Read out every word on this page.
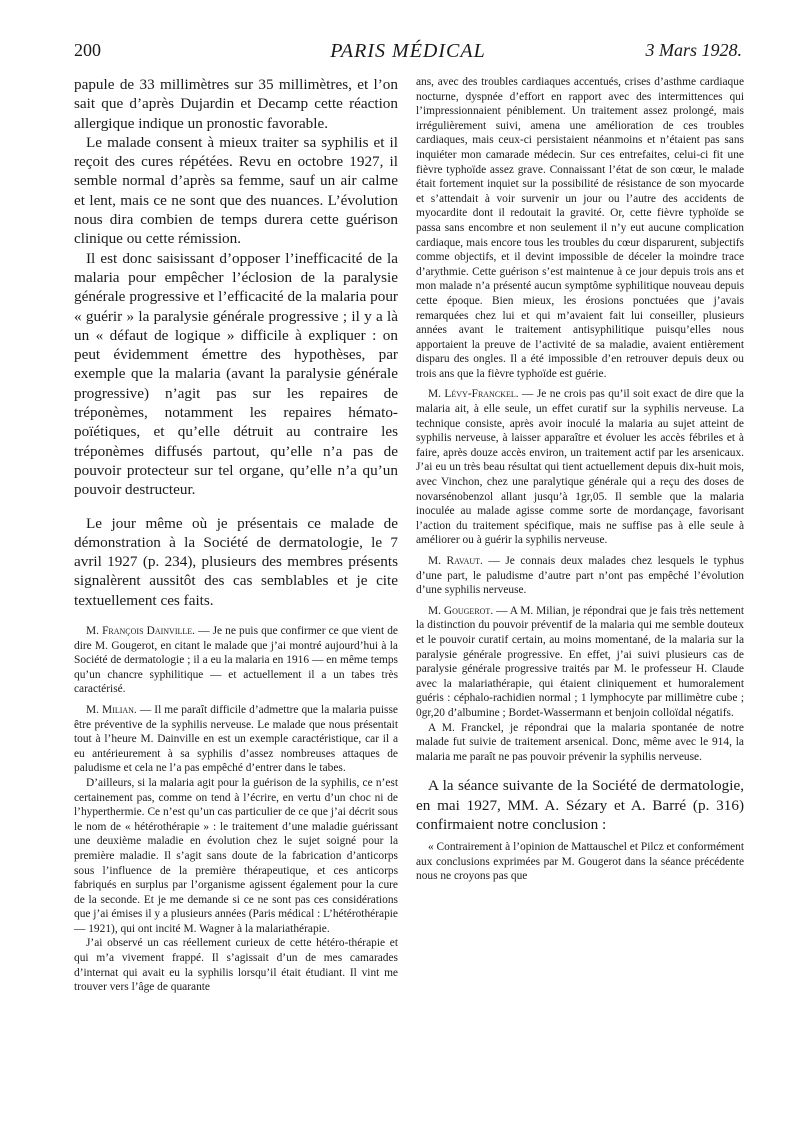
200	PARIS MÉDICAL	3 Mars 1928.

papule de 33 millimètres sur 35 millimètres, et l’on sait que d’après Dujardin et Decamp cette réaction allergique indique un pronostic favorable.

Le malade consent à mieux traiter sa syphilis et il reçoit des cures répétées. Revu en octobre 1927, il semble normal d’après sa femme, sauf un air calme et lent, mais ce ne sont que des nuances. L’évolution nous dira combien de temps durera cette guérison clinique ou cette rémission.

Il est donc saisissant d’opposer l’inefficacité de la malaria pour empêcher l’éclosion de la paralysie générale progressive et l’efficacité de la malaria pour « guérir » la paralysie générale progressive ; il y a là un « défaut de logique » difficile à expliquer : on peut évidemment émettre des hypothèses, par exemple que la malaria (avant la paralysie générale progressive) n’agit pas sur les repaires de tréponèmes, notamment les repaires hémato-poïétiques, et qu’elle détruit au contraire les tréponèmes diffusés partout, qu’elle n’a pas de pouvoir protecteur sur tel organe, qu’elle n’a qu’un pouvoir destructeur.

Le jour même où je présentais ce malade de démonstration à la Société de dermatologie, le 7 avril 1927 (p. 234), plusieurs des membres présents signalèrent aussitôt des cas semblables et je cite textuellement ces faits.

M. François Dainville. — Je ne puis que confirmer ce que vient de dire M. Gougerot, en citant le malade que j’ai montré aujourd’hui à la Société de dermatologie ; il a eu la malaria en 1916 — en même temps qu’un chancre syphilitique — et actuellement il a un tabes très caractérisé.

M. Milian. — Il me paraît difficile d’admettre que la malaria puisse être préventive de la syphilis nerveuse. Le malade que nous présentait tout à l’heure M. Dainville en est un exemple caractéristique, car il a eu antérieurement à sa syphilis d’assez nombreuses attaques de paludisme et cela ne l’a pas empêché d’entrer dans le tabes.

D’ailleurs, si la malaria agit pour la guérison de la syphilis, ce n’est certainement pas, comme on tend à l’écrire, en vertu d’un choc ni de l’hyperthermie. Ce n’est qu’un cas particulier de ce que j’ai décrit sous le nom de « hétérothérapie » : le traitement d’une maladie guérissant une deuxième maladie en évolution chez le sujet soigné pour la première maladie. Il s’agit sans doute de la fabrication d’anticorps sous l’influence de la première thérapeutique, et ces anticorps fabriqués en surplus par l’organisme agissent également pour la cure de la seconde. Et je me demande si ce ne sont pas ces considérations que j’ai émises il y a plusieurs années (Paris médical : L’hétérothérapie — 1921), qui ont incité M. Wagner à la malariathérapie.

J’ai observé un cas réellement curieux de cette hétéro-thérapie et qui m’a vivement frappé. Il s’agissait d’un de mes camarades d’internat qui avait eu la syphilis lorsqu’il était étudiant. Il vint me trouver vers l’âge de quarante

ans, avec des troubles cardiaques accentués, crises d’asthme cardiaque nocturne, dyspnée d’effort en rapport avec des intermittences qui l’impressionnaient péniblement. Un traitement assez prolongé, mais irrégulièrement suivi, amena une amélioration de ces troubles cardiaques, mais ceux-ci persistaient néanmoins et n’étaient pas sans inquiéter mon camarade médecin. Sur ces entrefaites, celui-ci fit une fièvre typhoïde assez grave. Connaissant l’état de son cœur, le malade était fortement inquiet sur la possibilité de résistance de son myocarde et s’attendait à voir survenir un jour ou l’autre des accidents de myocardite dont il redoutait la gravité. Or, cette fièvre typhoïde se passa sans encombre et non seulement il n’y eut aucune complication cardiaque, mais encore tous les troubles du cœur disparurent, subjectifs comme objectifs, et il devint impossible de déceler la moindre trace d’arythmie. Cette guérison s’est maintenue à ce jour depuis trois ans et mon malade n’a présenté aucun symptôme syphilitique nouveau depuis cette époque. Bien mieux, les érosions ponctuées que j’avais remarquées chez lui et qui m’avaient fait lui conseiller, plusieurs années avant le traitement antisyphilitique puisqu’elles nous apportaient la preuve de l’activité de sa maladie, avaient entièrement disparu des ongles. Il a été impossible d’en retrouver depuis deux ou trois ans que la fièvre typhoïde est guérie.

M. Lévy-Franckel. — Je ne crois pas qu’il soit exact de dire que la malaria ait, à elle seule, un effet curatif sur la syphilis nerveuse. La technique consiste, après avoir inoculé la malaria au sujet atteint de syphilis nerveuse, à laisser apparaître et évoluer les accès fébriles et à faire, après douze accès environ, un traitement actif par les arsenicaux. J’ai eu un très beau résultat qui tient actuellement depuis dix-huit mois, avec Vinchon, chez une paralytique générale qui a reçu des doses de novarsénobenzol allant jusqu’à 1gr,05. Il semble que la malaria inoculée au malade agisse comme sorte de mordançage, favorisant l’action du traitement spécifique, mais ne suffise pas à elle seule à améliorer ou à guérir la syphilis nerveuse.

M. Ravaut. — Je connais deux malades chez lesquels le typhus d’une part, le paludisme d’autre part n’ont pas empêché l’évolution d’une syphilis nerveuse.

M. Gougerot. — A M. Milian, je répondrai que je fais très nettement la distinction du pouvoir préventif de la malaria qui me semble douteux et le pouvoir curatif certain, au moins momentané, de la malaria sur la paralysie générale progressive. En effet, j’ai suivi plusieurs cas de paralysie générale progressive traités par M. le professeur H. Claude avec la malariathérapie, qui étaient cliniquement et humoralement guéris : céphalo-rachidien normal ; 1 lymphocyte par millimètre cube ; 0gr,20 d’albumine ; Bordet-Wassermann et benjoin colloïdal négatifs.

A M. Franckel, je répondrai que la malaria spontanée de notre malade fut suivie de traitement arsenical. Donc, même avec le 914, la malaria me paraît ne pas pouvoir prévenir la syphilis nerveuse.

A la séance suivante de la Société de dermatologie, en mai 1927, MM. A. Sézary et A. Barré (p. 316) confirmaient notre conclusion :

« Contrairement à l’opinion de Mattauschel et Pilcz et conformément aux conclusions exprimées par M. Gougerot dans la séance précédente nous ne croyons pas que
